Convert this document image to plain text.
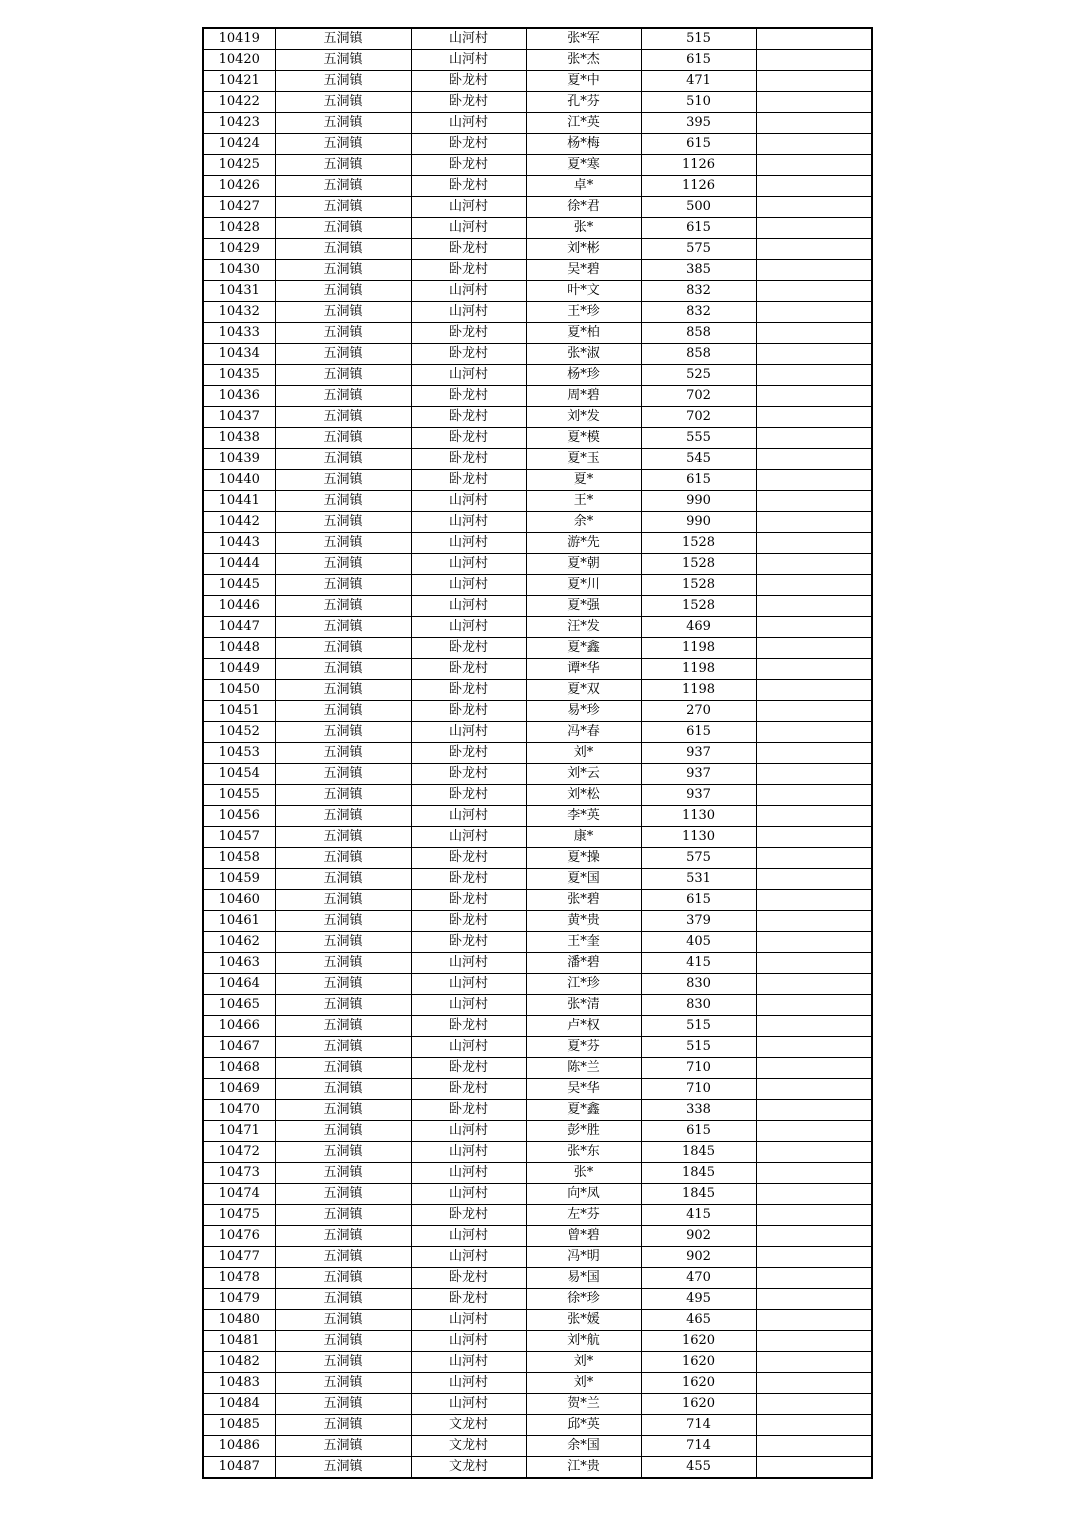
10419	五洞镇	山河村	张*军	515	
10420	五洞镇	山河村	张*杰	615	
10421	五洞镇	卧龙村	夏*中	471	
10422	五洞镇	卧龙村	孔*芬	510	
10423	五洞镇	山河村	江*英	395	
10424	五洞镇	卧龙村	杨*梅	615	
10425	五洞镇	卧龙村	夏*寒	1126	
10426	五洞镇	卧龙村	卓*	1126	
10427	五洞镇	山河村	徐*君	500	
10428	五洞镇	山河村	张*	615	
10429	五洞镇	卧龙村	刘*彬	575	
10430	五洞镇	卧龙村	吴*碧	385	
10431	五洞镇	山河村	叶*文	832	
10432	五洞镇	山河村	王*珍	832	
10433	五洞镇	卧龙村	夏*柏	858	
10434	五洞镇	卧龙村	张*淑	858	
10435	五洞镇	山河村	杨*珍	525	
10436	五洞镇	卧龙村	周*碧	702	
10437	五洞镇	卧龙村	刘*发	702	
10438	五洞镇	卧龙村	夏*模	555	
10439	五洞镇	卧龙村	夏*玉	545	
10440	五洞镇	卧龙村	夏*	615	
10441	五洞镇	山河村	王*	990	
10442	五洞镇	山河村	余*	990	
10443	五洞镇	山河村	游*先	1528	
10444	五洞镇	山河村	夏*朝	1528	
10445	五洞镇	山河村	夏*川	1528	
10446	五洞镇	山河村	夏*强	1528	
10447	五洞镇	山河村	汪*发	469	
10448	五洞镇	卧龙村	夏*鑫	1198	
10449	五洞镇	卧龙村	谭*华	1198	
10450	五洞镇	卧龙村	夏*双	1198	
10451	五洞镇	卧龙村	易*珍	270	
10452	五洞镇	山河村	冯*春	615	
10453	五洞镇	卧龙村	刘*	937	
10454	五洞镇	卧龙村	刘*云	937	
10455	五洞镇	卧龙村	刘*松	937	
10456	五洞镇	山河村	李*英	1130	
10457	五洞镇	山河村	康*	1130	
10458	五洞镇	卧龙村	夏*操	575	
10459	五洞镇	卧龙村	夏*国	531	
10460	五洞镇	卧龙村	张*碧	615	
10461	五洞镇	卧龙村	黄*贵	379	
10462	五洞镇	卧龙村	王*奎	405	
10463	五洞镇	山河村	潘*碧	415	
10464	五洞镇	山河村	江*珍	830	
10465	五洞镇	山河村	张*清	830	
10466	五洞镇	卧龙村	卢*权	515	
10467	五洞镇	山河村	夏*芬	515	
10468	五洞镇	卧龙村	陈*兰	710	
10469	五洞镇	卧龙村	吴*华	710	
10470	五洞镇	卧龙村	夏*鑫	338	
10471	五洞镇	山河村	彭*胜	615	
10472	五洞镇	山河村	张*东	1845	
10473	五洞镇	山河村	张*	1845	
10474	五洞镇	山河村	向*凤	1845	
10475	五洞镇	卧龙村	左*芬	415	
10476	五洞镇	山河村	曾*碧	902	
10477	五洞镇	山河村	冯*明	902	
10478	五洞镇	卧龙村	易*国	470	
10479	五洞镇	卧龙村	徐*珍	495	
10480	五洞镇	山河村	张*媛	465	
10481	五洞镇	山河村	刘*航	1620	
10482	五洞镇	山河村	刘*	1620	
10483	五洞镇	山河村	刘*	1620	
10484	五洞镇	山河村	贺*兰	1620	
10485	五洞镇	文龙村	邱*英	714	
10486	五洞镇	文龙村	余*国	714	
10487	五洞镇	文龙村	江*贵	455	
